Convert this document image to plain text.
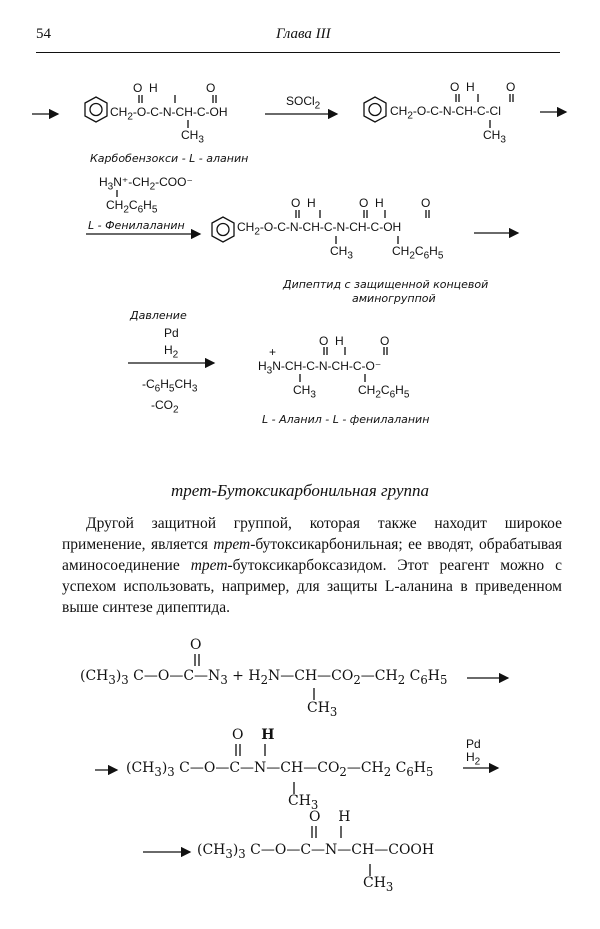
54	Глава III
O  H	O
$CH_2-O-C-N-CH-C-OH$
$CH_3$
SOCl$_2$
O  H	O
$CH_2-O-C-N-CH-C-Cl$
$CH_3$
Карбобензокси - L - аланин
$H_3N^+-CH_2-COO^-$
$CH_2C_6H_5$
L - Фенилаланин
O  H	O  H	O
$CH_2-O-C-N-CH-C-N-CH-C-OH$
$CH_3$	$CH_2C_6H_5$
Дипептид с защищенной концевой
аминогруппой
Давление
Pd
$H_2$
$-C_6H_5CH_3$
$-CO_2$
+
O  H	O
$H_3N-CH-C-N-CH-C-O^-$
$CH_3$	$CH_2C_6H_5$
L - Аланил - L - фенилаланин
трет-Бутоксикарбонильная группа

Другой защитной группой, которая также находит широкое применение, является трет-бутоксикарбонильная; ее вводят, обрабатывая аминосоединение трет-бутоксикарбоксазидом. Этот реагент можно с успехом использовать, например, для защиты L-аланина в приведенном выше синтезе дипептида.

O
$(CH_3)_3$ $C—O—C—N_3$ + $H_2N—CH—CO_2—CH_2$ $C_6H_5$
$CH_3$
O    H
$(CH_3)_3$ $C—O—C—N—CH—CO_2—CH_2$ $C_6H_5$
$CH_3$
Pd
$H_2$
O    H
$(CH_3)_3$ C—O—C—N—CH—COOH
$CH_3$
